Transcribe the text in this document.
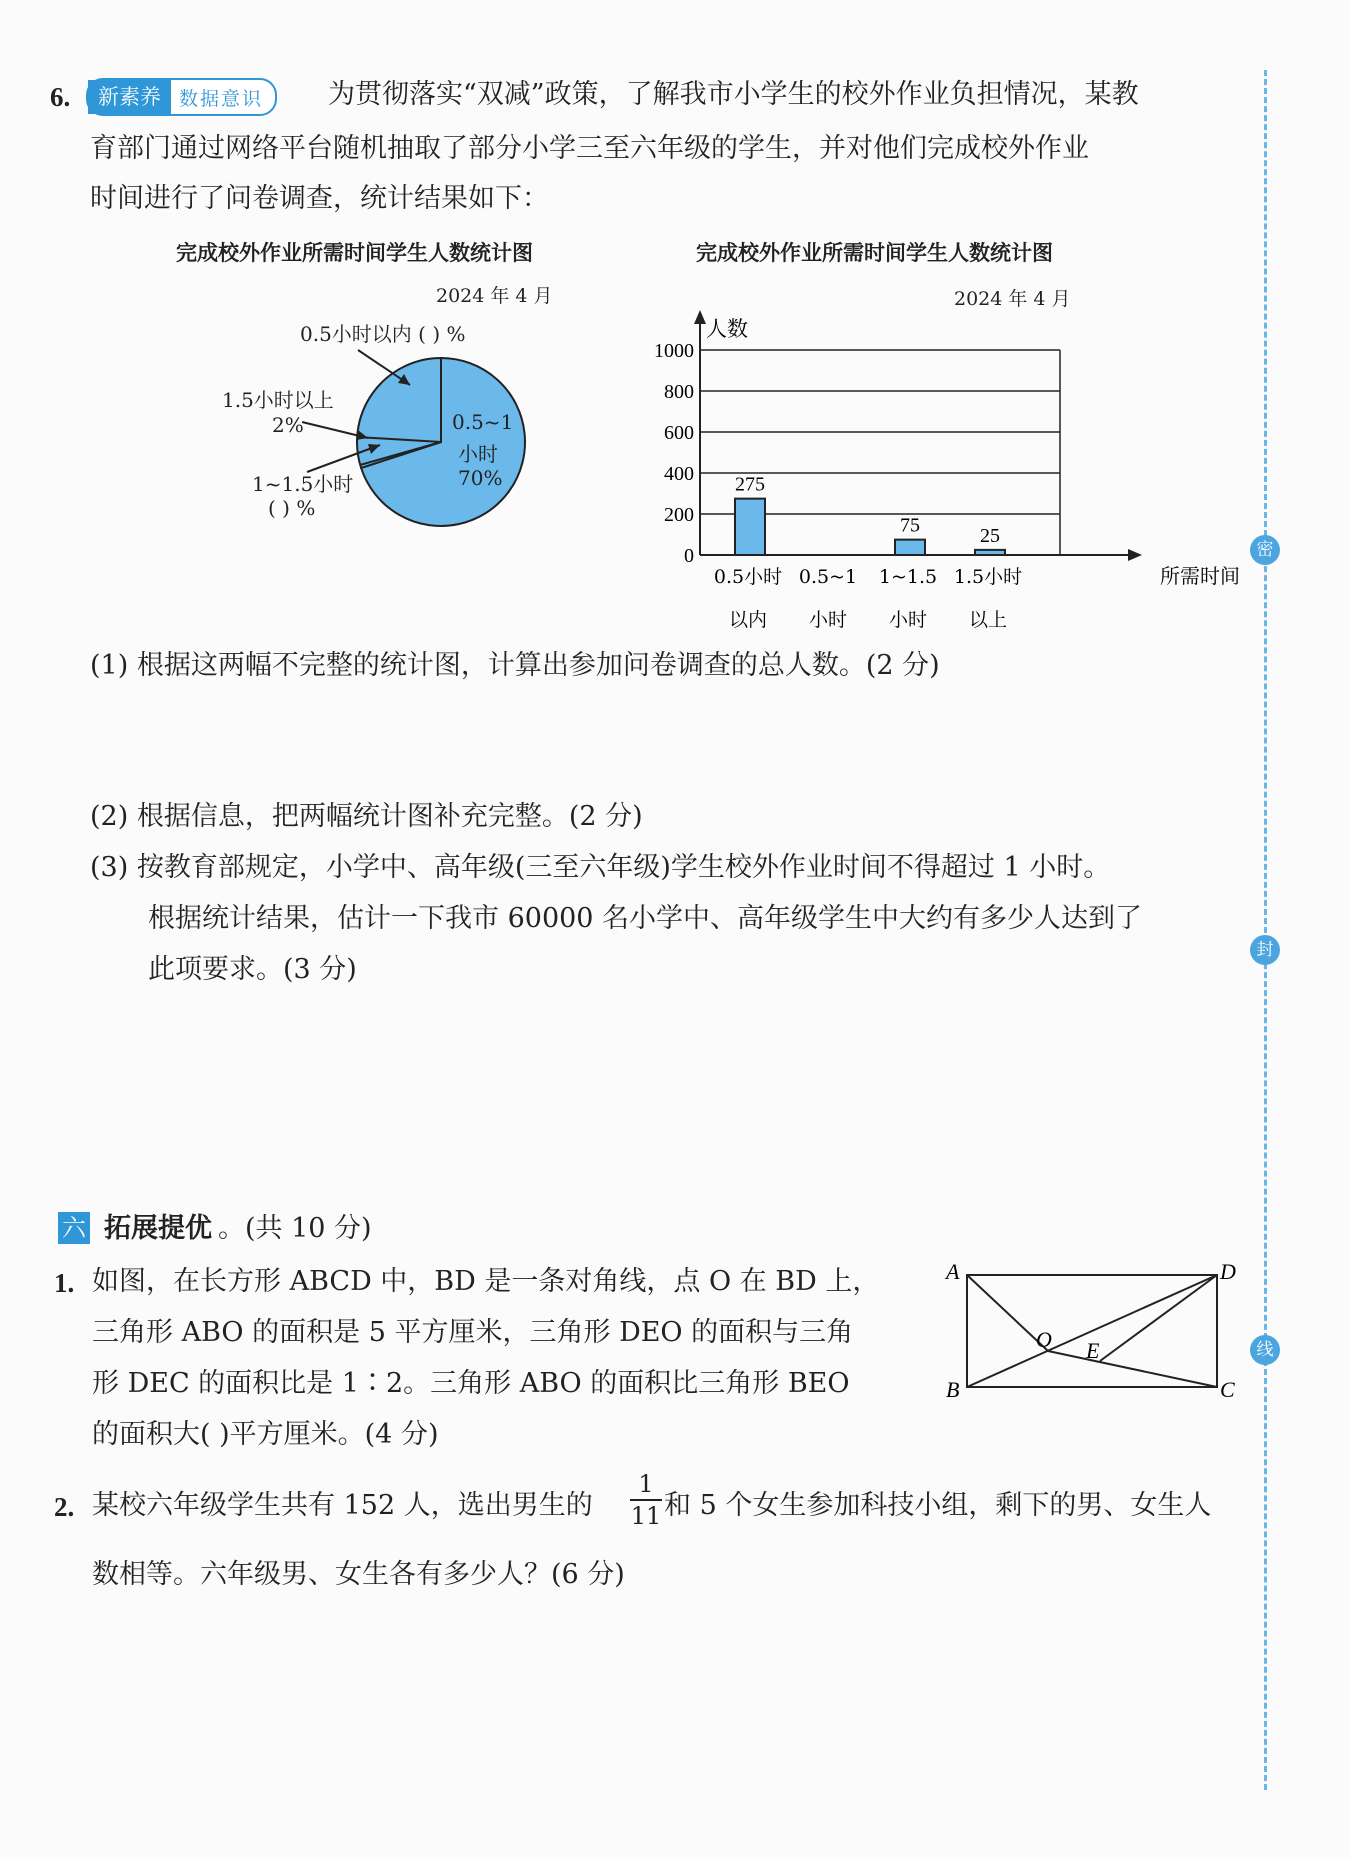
6.	新素养 数据意识	为贯彻落实“双减”政策，了解我市小学生的校外作业负担情况，某教
育部门通过网络平台随机抽取了部分小学三至六年级的学生，并对他们完成校外作业
时间进行了问卷调查，统计结果如下：
完成校外作业所需时间学生人数统计图
2024 年 4 月
0.5小时以内 ( ) %
1.5小时以上
2%
1~1.5小时
( ) %
0.5~1
小时
70%
完成校外作业所需时间学生人数统计图
2024 年 4 月
0
200
400
600
800
1000
人数
所需时间
275
0.5小时
以内
0.5~1
小时
75
1~1.5
小时
25
1.5小时
以上
(1) 根据这两幅不完整的统计图，计算出参加问卷调查的总人数。(2 分)
(2) 根据信息，把两幅统计图补充完整。(2 分)
(3) 按教育部规定，小学中、高年级(三至六年级)学生校外作业时间不得超过 1 小时。
根据统计结果，估计一下我市 60000 名小学中、高年级学生中大约有多少人达到了
此项要求。(3 分)
六 拓展提优 。(共 10 分)
1. 如图，在长方形 ABCD 中，BD 是一条对角线，点 O 在 BD 上，
三角形 ABO 的面积是 5 平方厘米，三角形 DEO 的面积与三角
形 DEC 的面积比是 1∶2。三角形 ABO 的面积比三角形 BEO
的面积大( )平方厘米。(4 分)
A	D
B	C
O E
2. 某校六年级学生共有 152 人，选出男生的
1
11 和 5 个女生参加科技小组，剩下的男、女生人
数相等。六年级男、女生各有多少人？(6 分)
密
封
线
